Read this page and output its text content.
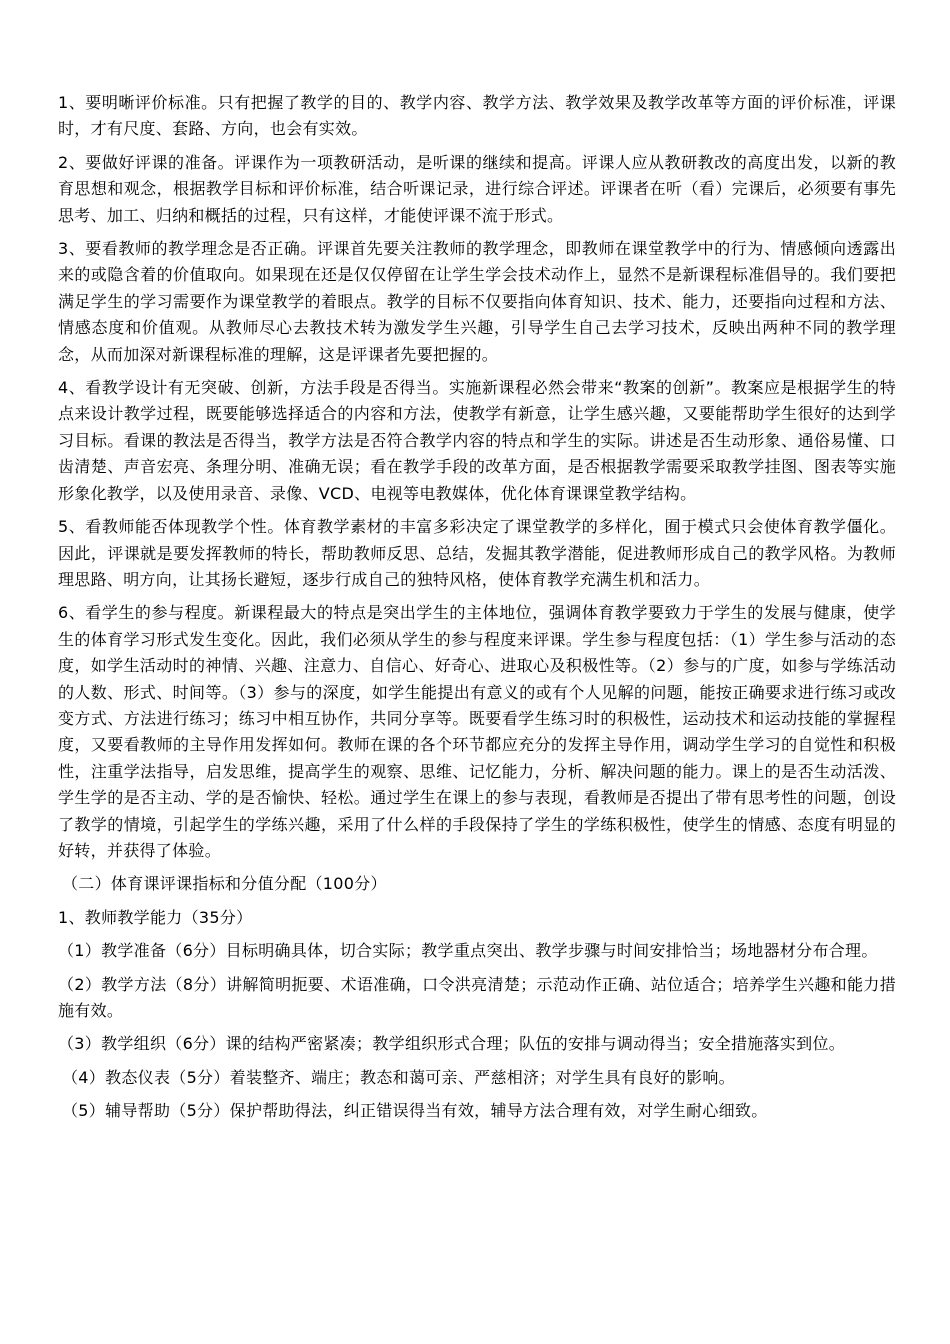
1、要明晰评价标准。只有把握了教学的目的、教学内容、教学方法、教学效果及教学改革等方面的评价标准，评课时，才有尺度、套路、方向，也会有实效。

2、要做好评课的准备。评课作为一项教研活动，是听课的继续和提高。评课人应从教研教改的高度出发，以新的教育思想和观念，根据教学目标和评价标准，结合听课记录，进行综合评述。评课者在听（看）完课后，必须要有事先思考、加工、归纳和概括的过程，只有这样，才能使评课不流于形式。

3、要看教师的教学理念是否正确。评课首先要关注教师的教学理念，即教师在课堂教学中的行为、情感倾向透露出来的或隐含着的价值取向。如果现在还是仅仅停留在让学生学会技术动作上，显然不是新课程标准倡导的。我们要把满足学生的学习需要作为课堂教学的着眼点。教学的目标不仅要指向体育知识、技术、能力，还要指向过程和方法、情感态度和价值观。从教师尽心去教技术转为激发学生兴趣，引导学生自己去学习技术，反映出两种不同的教学理念，从而加深对新课程标准的理解，这是评课者先要把握的。

4、看教学设计有无突破、创新，方法手段是否得当。实施新课程必然会带来“教案的创新”。教案应是根据学生的特点来设计教学过程，既要能够选择适合的内容和方法，使教学有新意，让学生感兴趣，又要能帮助学生很好的达到学习目标。看课的教法是否得当，教学方法是否符合教学内容的特点和学生的实际。讲述是否生动形象、通俗易懂、口齿清楚、声音宏亮、条理分明、准确无误；看在教学手段的改革方面，是否根据教学需要采取教学挂图、图表等实施形象化教学，以及使用录音、录像、VCD、电视等电教媒体，优化体育课课堂教学结构。

5、看教师能否体现教学个性。体育教学素材的丰富多彩决定了课堂教学的多样化，囿于模式只会使体育教学僵化。因此，评课就是要发挥教师的特长，帮助教师反思、总结，发掘其教学潜能，促进教师形成自己的教学风格。为教师理思路、明方向，让其扬长避短，逐步行成自己的独特风格，使体育教学充满生机和活力。

6、看学生的参与程度。新课程最大的特点是突出学生的主体地位，强调体育教学要致力于学生的发展与健康，使学生的体育学习形式发生变化。因此，我们必须从学生的参与程度来评课。学生参与程度包括：（1）学生参与活动的态度，如学生活动时的神情、兴趣、注意力、自信心、好奇心、进取心及积极性等。（2）参与的广度，如参与学练活动的人数、形式、时间等。（3）参与的深度，如学生能提出有意义的或有个人见解的问题，能按正确要求进行练习或改变方式、方法进行练习；练习中相互协作，共同分享等。既要看学生练习时的积极性，运动技术和运动技能的掌握程度，又要看教师的主导作用发挥如何。教师在课的各个环节都应充分的发挥主导作用，调动学生学习的自觉性和积极性，注重学法指导，启发思维，提高学生的观察、思维、记忆能力，分析、解决问题的能力。课上的是否生动活泼、学生学的是否主动、学的是否愉快、轻松。通过学生在课上的参与表现，看教师是否提出了带有思考性的问题，创设了教学的情境，引起学生的学练兴趣，采用了什么样的手段保持了学生的学练积极性，使学生的情感、态度有明显的好转，并获得了体验。

（二）体育课评课指标和分值分配（100分）

1、教师教学能力（35分）

（1）教学准备（6分）目标明确具体，切合实际；教学重点突出、教学步骤与时间安排恰当；场地器材分布合理。

（2）教学方法（8分）讲解简明扼要、术语准确，口令洪亮清楚；示范动作正确、站位适合；培养学生兴趣和能力措施有效。

（3）教学组织（6分）课的结构严密紧凑；教学组织形式合理；队伍的安排与调动得当；安全措施落实到位。

（4）教态仪表（5分）着装整齐、端庄；教态和蔼可亲、严慈相济；对学生具有良好的影响。

（5）辅导帮助（5分）保护帮助得法，纠正错误得当有效，辅导方法合理有效，对学生耐心细致。
